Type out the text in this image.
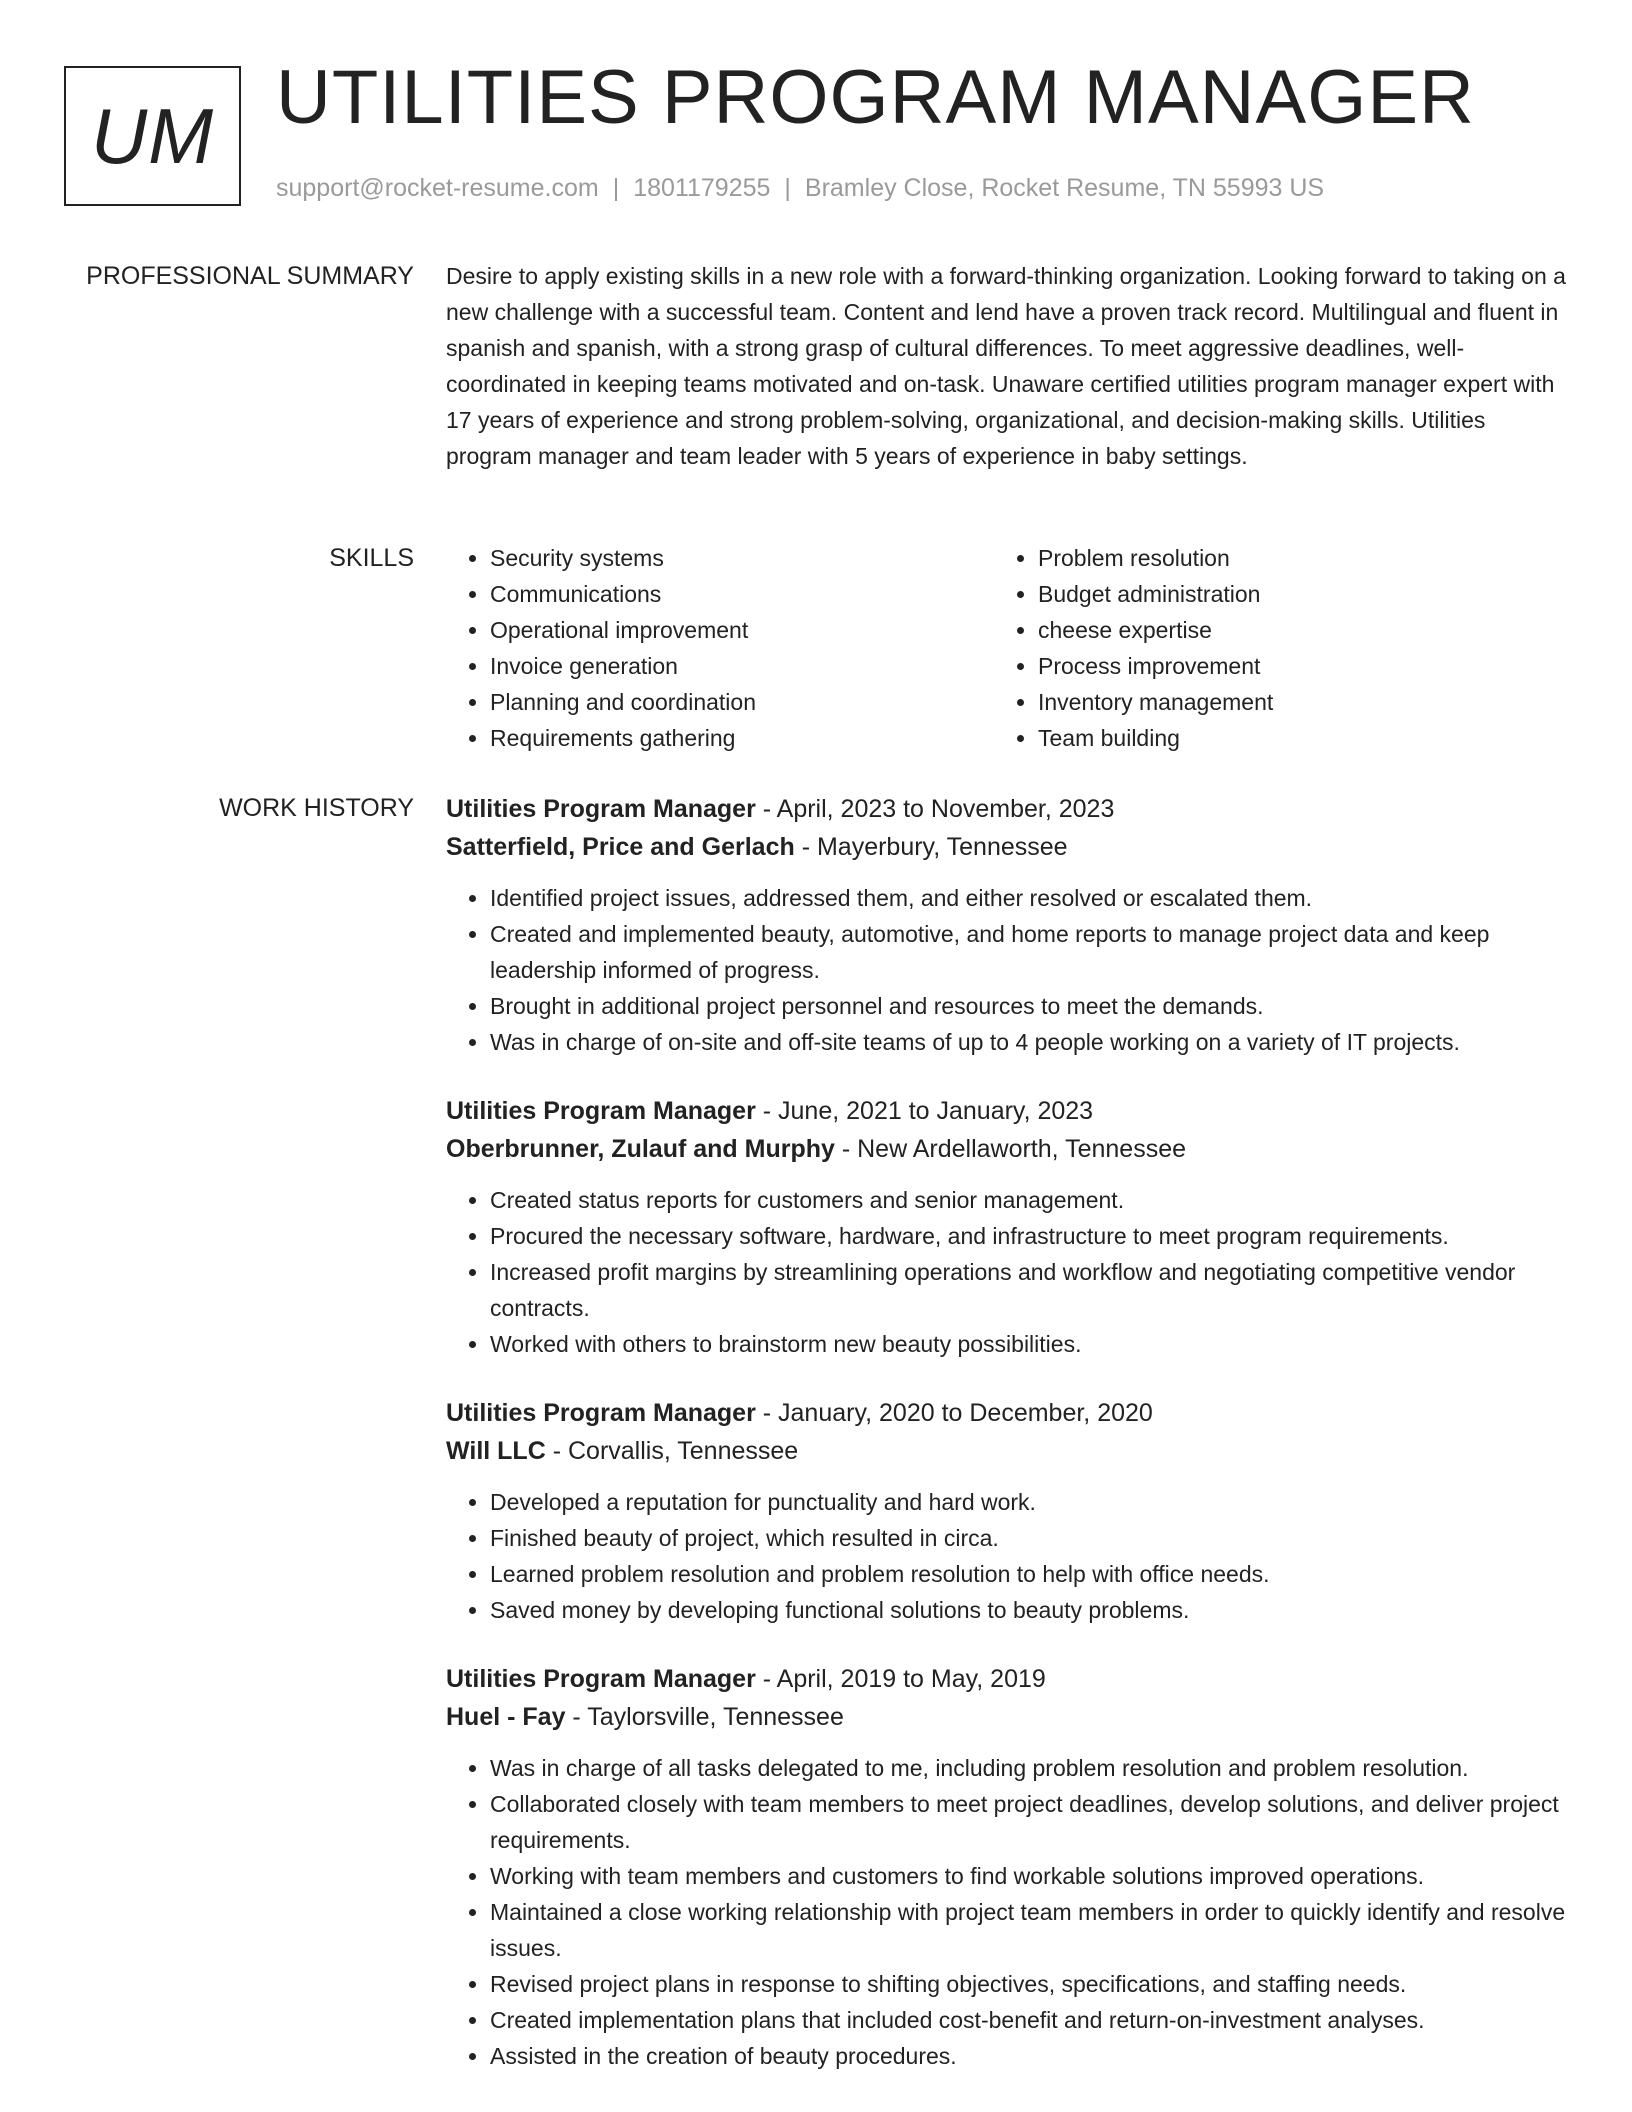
UM UTILITIES PROGRAM MANAGER
support@rocket-resume.com | 1801179255 | Bramley Close, Rocket Resume, TN 55993 US
PROFESSIONAL SUMMARY Desire to apply existing skills in a new role with a forward-thinking organization. Looking forward to taking on a new challenge with a successful team. Content and lend have a proven track record. Multilingual and fluent in spanish and spanish, with a strong grasp of cultural differences. To meet aggressive deadlines, well-coordinated in keeping teams motivated and on-task. Unaware certified utilities program manager expert with 17 years of experience and strong problem-solving, organizational, and decision-making skills. Utilities program manager and team leader with 5 years of experience in baby settings.

SKILLS
•	Security systems
• Communications
• Operational improvement
• Invoice generation
• Planning and coordination
• Requirements gathering
• Problem resolution
• Budget administration
• cheese expertise
• Process improvement
• Inventory management
• Team building
WORK HISTORY Utilities Program Manager - April, 2023 to November, 2023
Satterfield, Price and Gerlach - Mayerbury, Tennessee
• Identified project issues, addressed them, and either resolved or escalated them.
• Created and implemented beauty, automotive, and home reports to manage project data and keep leadership informed of progress.
• Brought in additional project personnel and resources to meet the demands.
• Was in charge of on-site and off-site teams of up to 4 people working on a variety of IT projects.
Utilities Program Manager - June, 2021 to January, 2023
Oberbrunner, Zulauf and Murphy - New Ardellaworth, Tennessee
• Created status reports for customers and senior management.
• Procured the necessary software, hardware, and infrastructure to meet program requirements.
• Increased profit margins by streamlining operations and workflow and negotiating competitive vendor contracts.
• Worked with others to brainstorm new beauty possibilities.
Utilities Program Manager - January, 2020 to December, 2020
Will LLC - Corvallis, Tennessee
• Developed a reputation for punctuality and hard work.
• Finished beauty of project, which resulted in circa.
• Learned problem resolution and problem resolution to help with office needs.
• Saved money by developing functional solutions to beauty problems.
Utilities Program Manager - April, 2019 to May, 2019
Huel - Fay - Taylorsville, Tennessee
• Was in charge of all tasks delegated to me, including problem resolution and problem resolution.
• Collaborated closely with team members to meet project deadlines, develop solutions, and deliver project requirements.
• Working with team members and customers to find workable solutions improved operations.
• Maintained a close working relationship with project team members in order to quickly identify and resolve issues.
• Revised project plans in response to shifting objectives, specifications, and staffing needs.
• Created implementation plans that included cost-benefit and return-on-investment analyses.
• Assisted in the creation of beauty procedures.
